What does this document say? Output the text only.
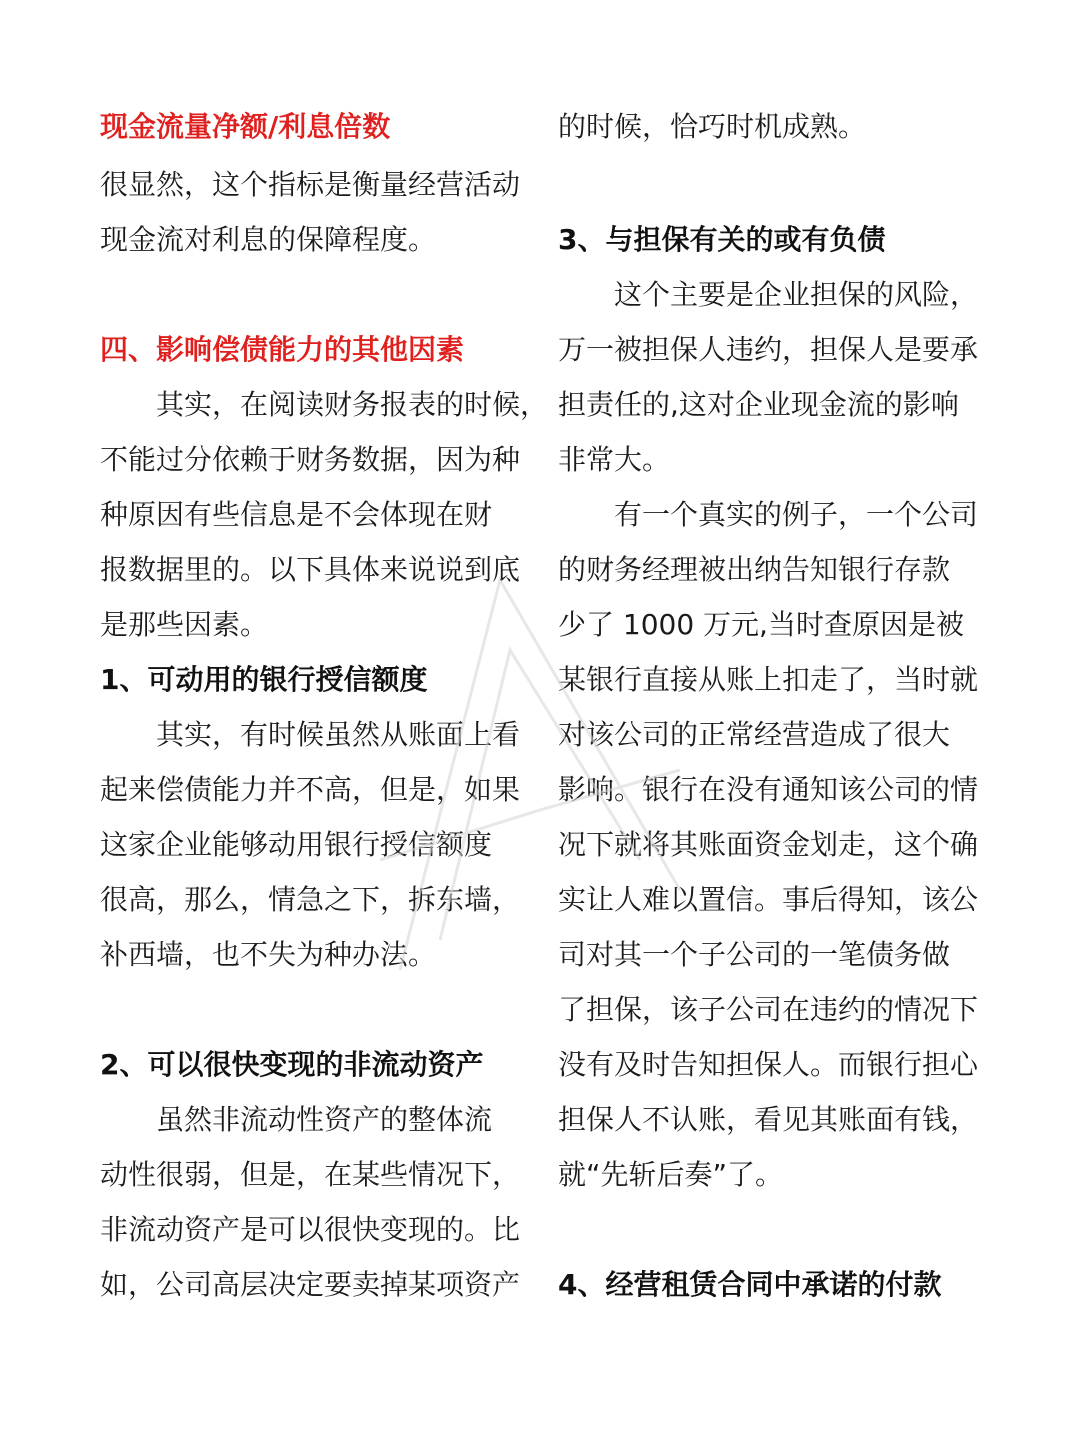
现金流量净额/利息倍数
很显然，这个指标是衡量经营活动
现金流对利息的保障程度。
四、影响偿债能力的其他因素
其实，在阅读财务报表的时候，
不能过分依赖于财务数据，因为种
种原因有些信息是不会体现在财
报数据里的。以下具体来说说到底
是那些因素。
1、可动用的银行授信额度
其实，有时候虽然从账面上看
起来偿债能力并不高，但是，如果
这家企业能够动用银行授信额度
很高，那么，情急之下，拆东墙，
补西墙，也不失为种办法。
2、可以很快变现的非流动资产
虽然非流动性资产的整体流
动性很弱，但是，在某些情况下，
非流动资产是可以很快变现的。比
如，公司高层决定要卖掉某项资产
的时候，恰巧时机成熟。
3、与担保有关的或有负债
这个主要是企业担保的风险，
万一被担保人违约，担保人是要承
担责任的,这对企业现金流的影响
非常大。
有一个真实的例子，一个公司
的财务经理被出纳告知银行存款
少了 1000 万元,当时查原因是被
某银行直接从账上扣走了，当时就
对该公司的正常经营造成了很大
影响。银行在没有通知该公司的情
况下就将其账面资金划走，这个确
实让人难以置信。事后得知，该公
司对其一个子公司的一笔债务做
了担保，该子公司在违约的情况下
没有及时告知担保人。而银行担心
担保人不认账，看见其账面有钱，
就“先斩后奏”了。
4、经营租赁合同中承诺的付款
